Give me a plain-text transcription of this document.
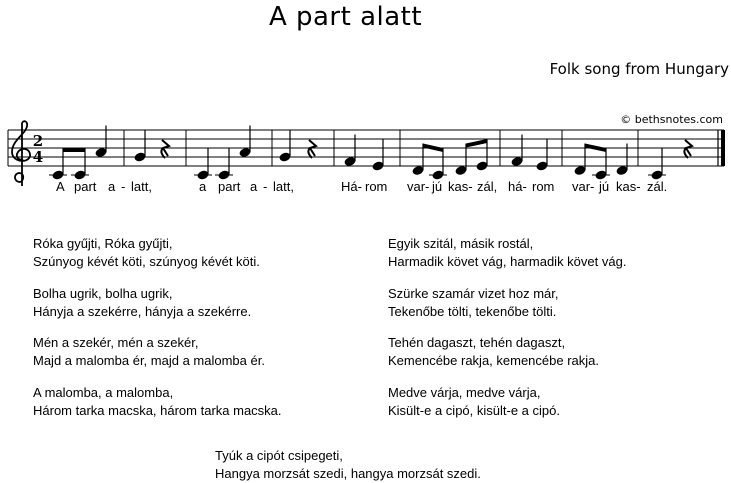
A part alatt
Folk song from Hungary
© bethsnotes.com
2
4
A part a - latt,	a part a - latt,	Há- rom var- jú kas- zál, há- rom var- jú kas- zál.
Róka gyűjti, Róka gyűjti,
Szúnyog kévét köti, szúnyog kévét köti.
Bolha ugrik, bolha ugrik,
Hányja a szekérre, hányja a szekérre.
Mén a szekér, mén a szekér,
Majd a malomba ér, majd a malomba ér.
A malomba, a malomba,
Három tarka macska, három tarka macska.
Egyik szitál, másik rostál,
Harmadik követ vág, harmadik követ vág.
Szürke szamár vizet hoz már,
Tekenőbe tölti, tekenőbe tölti.
Tehén dagaszt, tehén dagaszt,
Kemencébe rakja, kemencébe rakja.
Medve várja, medve várja,
Kisült-e a cipó, kisült-e a cipó.
Tyúk a cipót csipegeti,
Hangya morzsát szedi, hangya morzsát szedi.
